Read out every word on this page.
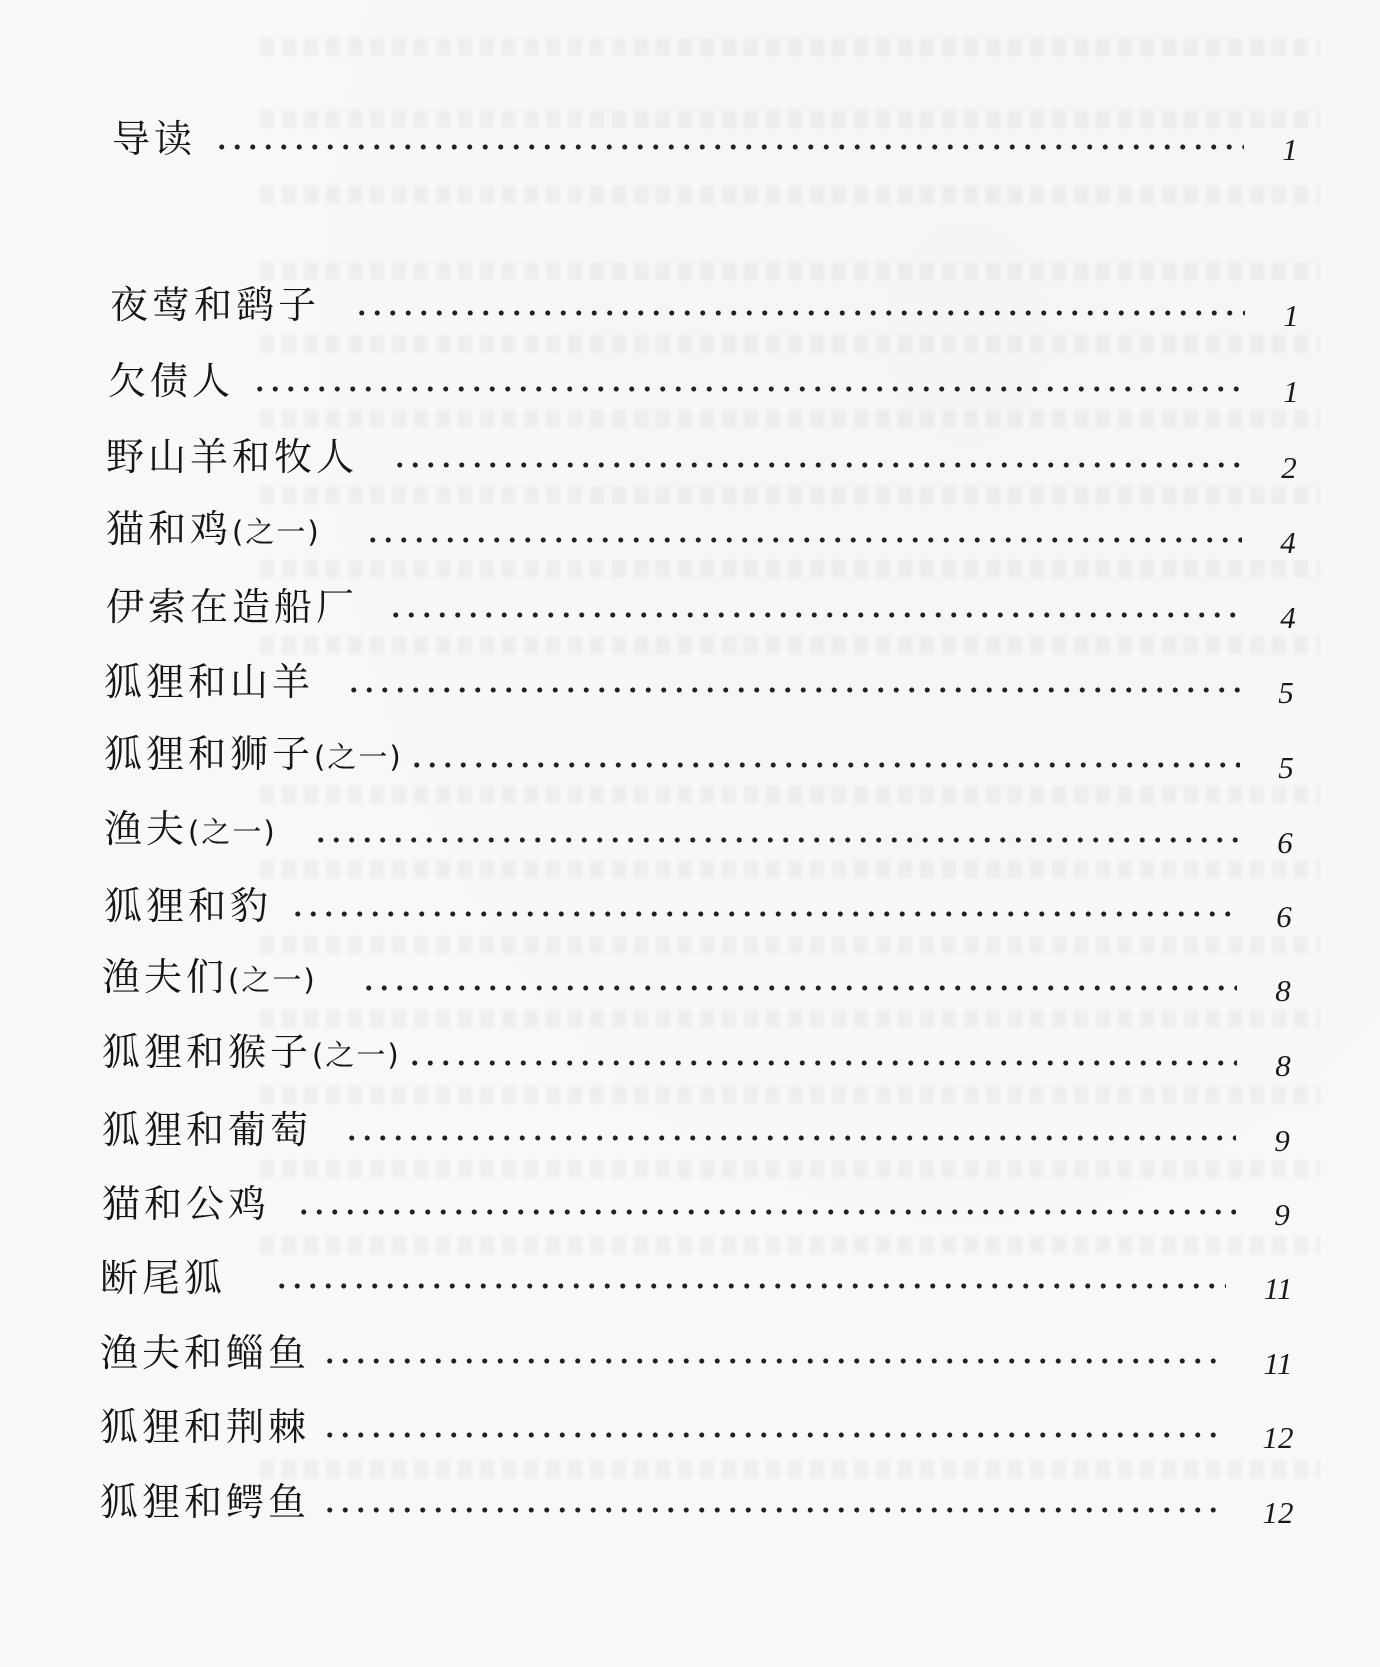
导读	1
夜莺和鹞子	1
欠债人	1
野山羊和牧人	2
猫和鸡(之一)	4
伊索在造船厂	4
狐狸和山羊	5
狐狸和狮子(之一)	5
渔夫(之一)	6
狐狸和豹	6
渔夫们(之一)	8
狐狸和猴子(之一)	8
狐狸和葡萄	9
猫和公鸡	9
断尾狐	11
渔夫和鲻鱼	11
狐狸和荆棘	12
狐狸和鳄鱼	12
